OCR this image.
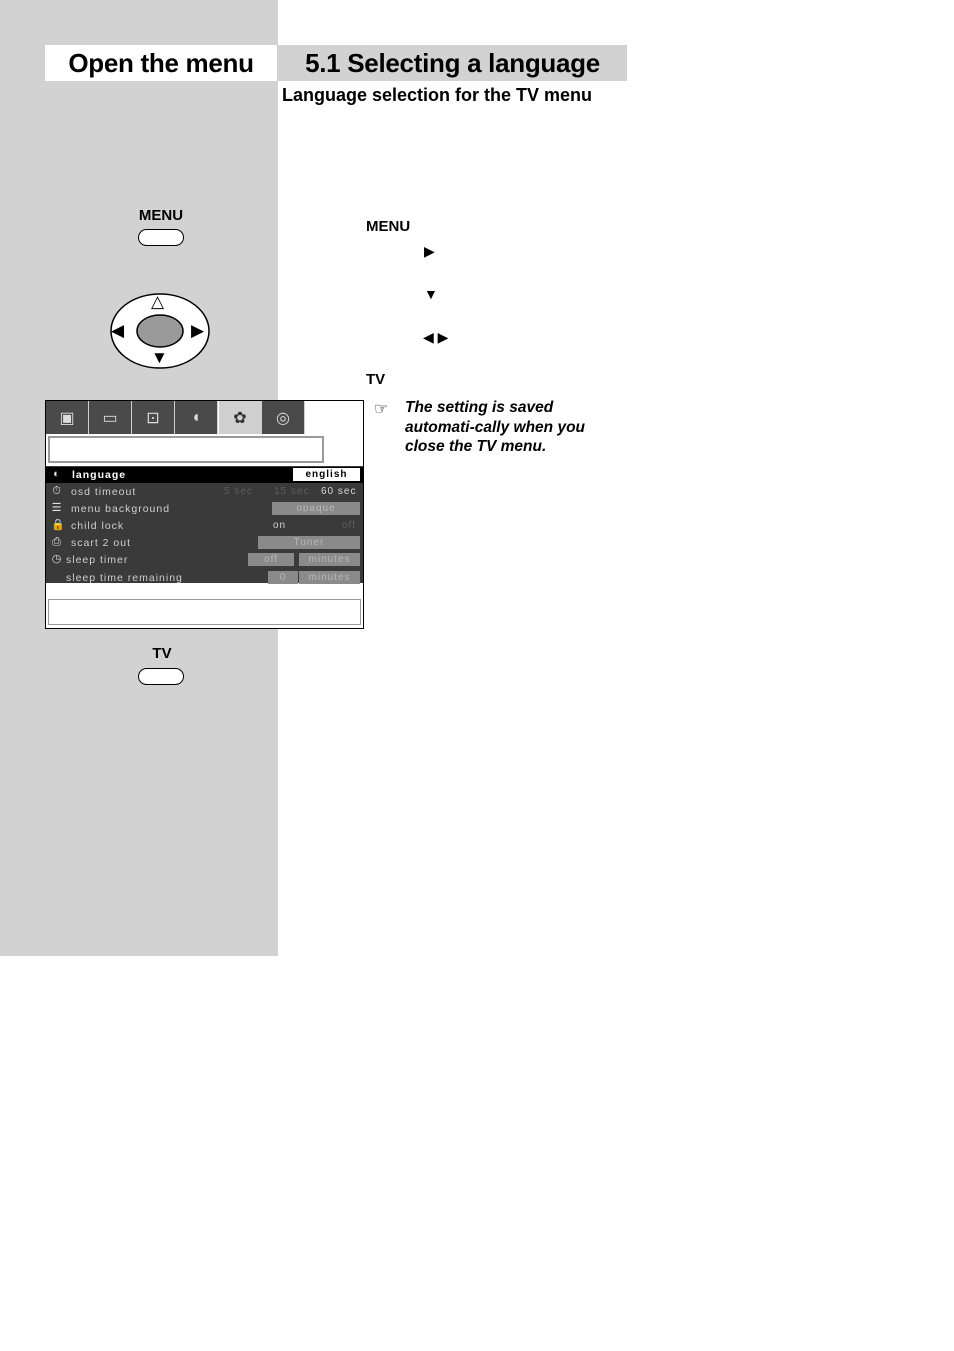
Open the menu	5.1 Selecting a language
Language selection for the TV menu
MENU
△
◀	▶
▼
TV
MENU
▶
▼
◀ ▶
TV
☞ The setting is saved automati-cally when you close the TV menu.
▣	▭	⊡	◖	✿	◎
◐ language	english
⏱ osd timeout	5 sec	15 sec	60 sec
☰ menu background	opaque
🔒 child lock	on	off
⎙ scart 2 out	Tuner
◷ sleep timer	off	minutes
sleep time remaining	0	minutes
